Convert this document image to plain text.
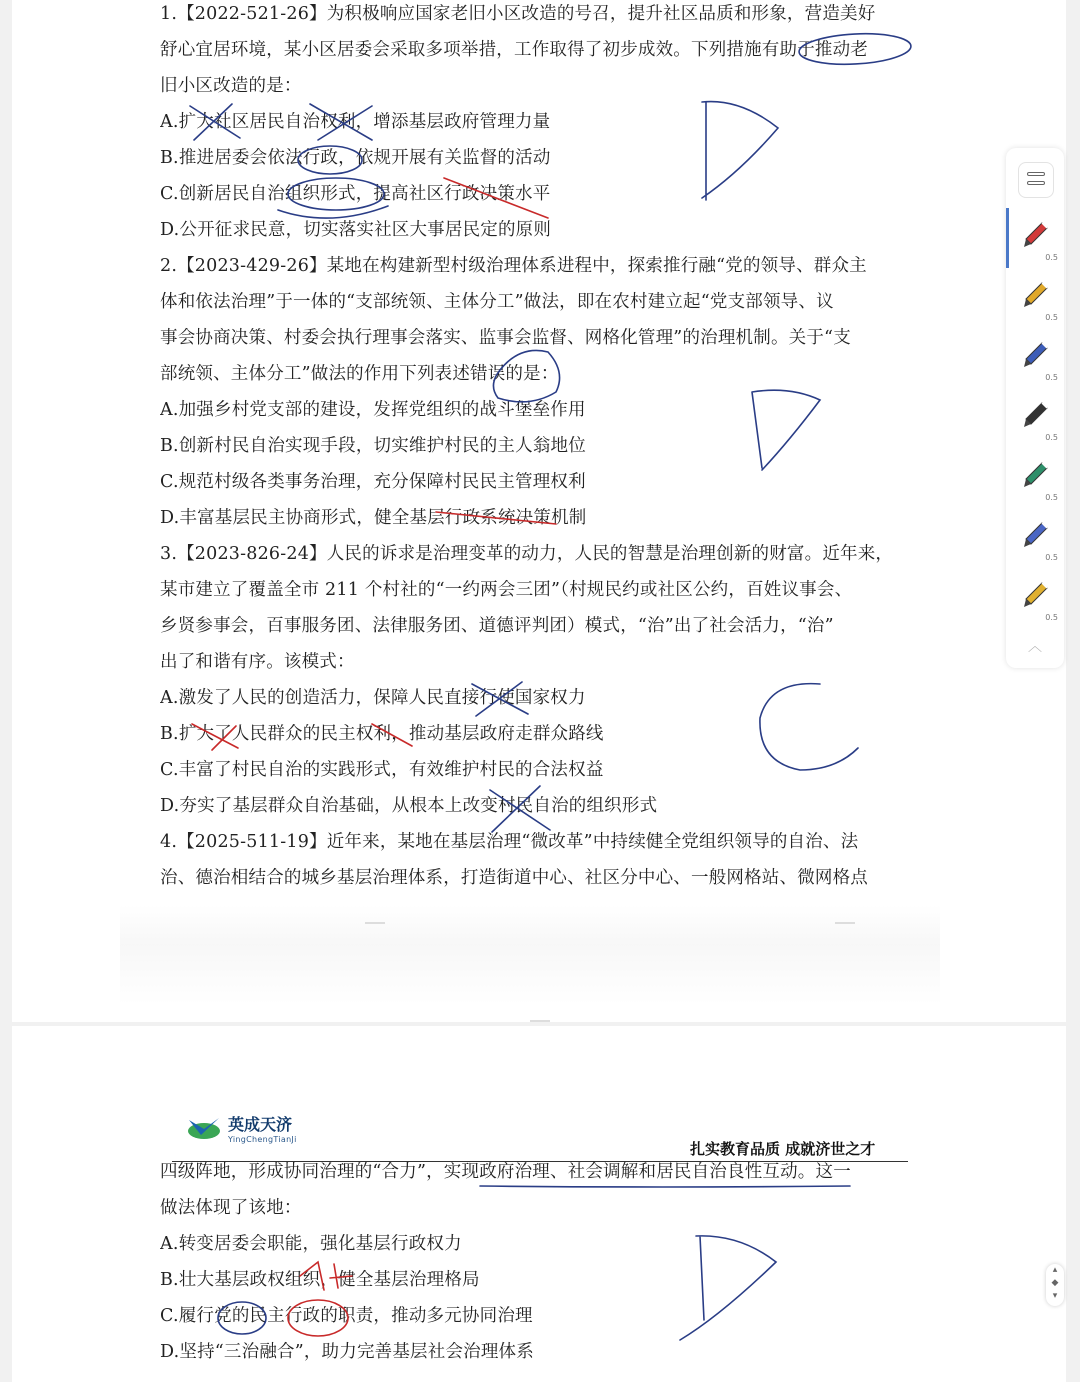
1.【2022-521-26】为积极响应国家老旧小区改造的号召，提升社区品质和形象，营造美好
舒心宜居环境，某小区居委会采取多项举措，工作取得了初步成效。下列措施有助于推动老
旧小区改造的是：
A.扩大社区居民自治权利，增添基层政府管理力量
B.推进居委会依法行政，依规开展有关监督的活动
C.创新居民自治组织形式，提高社区行政决策水平
D.公开征求民意，切实落实社区大事居民定的原则
2.【2023-429-26】某地在构建新型村级治理体系进程中，探索推行融“党的领导、群众主
体和依法治理”于一体的“支部统领、主体分工”做法，即在农村建立起“党支部领导、议
事会协商决策、村委会执行理事会落实、监事会监督、网格化管理”的治理机制。关于“支
部统领、主体分工”做法的作用下列表述错误的是：
A.加强乡村党支部的建设，发挥党组织的战斗堡垒作用
B.创新村民自治实现手段，切实维护村民的主人翁地位
C.规范村级各类事务治理，充分保障村民民主管理权利
D.丰富基层民主协商形式，健全基层行政系统决策机制
3.【2023-826-24】人民的诉求是治理变革的动力，人民的智慧是治理创新的财富。近年来，
某市建立了覆盖全市 211 个村社的“一约两会三团”（村规民约或社区公约，百姓议事会、
乡贤参事会，百事服务团、法律服务团、道德评判团）模式，“治”出了社会活力，“治”
出了和谐有序。该模式：
A.激发了人民的创造活力，保障人民直接行使国家权力
B.扩大了人民群众的民主权利，推动基层政府走群众路线
C.丰富了村民自治的实践形式，有效维护村民的合法权益
D.夯实了基层群众自治基础，从根本上改变村民自治的组织形式
4.【2025-511-19】近年来，某地在基层治理“微改革”中持续健全党组织领导的自治、法
治、德治相结合的城乡基层治理体系，打造街道中心、社区分中心、一般网格站、微网格点
英成天济
YingChengTianJi
扎实教育品质 成就济世之才
四级阵地，形成协同治理的“合力”，实现政府治理、社会调解和居民自治良性互动。这一
做法体现了该地：
A.转变居委会职能，强化基层行政权力
B.壮大基层政权组织，健全基层治理格局
C.履行党的民主行政的职责，推动多元协同治理
D.坚持“三治融合”，助力完善基层社会治理体系
0.5
0.5
0.5
0.5
0.5
0.5
0.5
︿
▴
◆
▾
